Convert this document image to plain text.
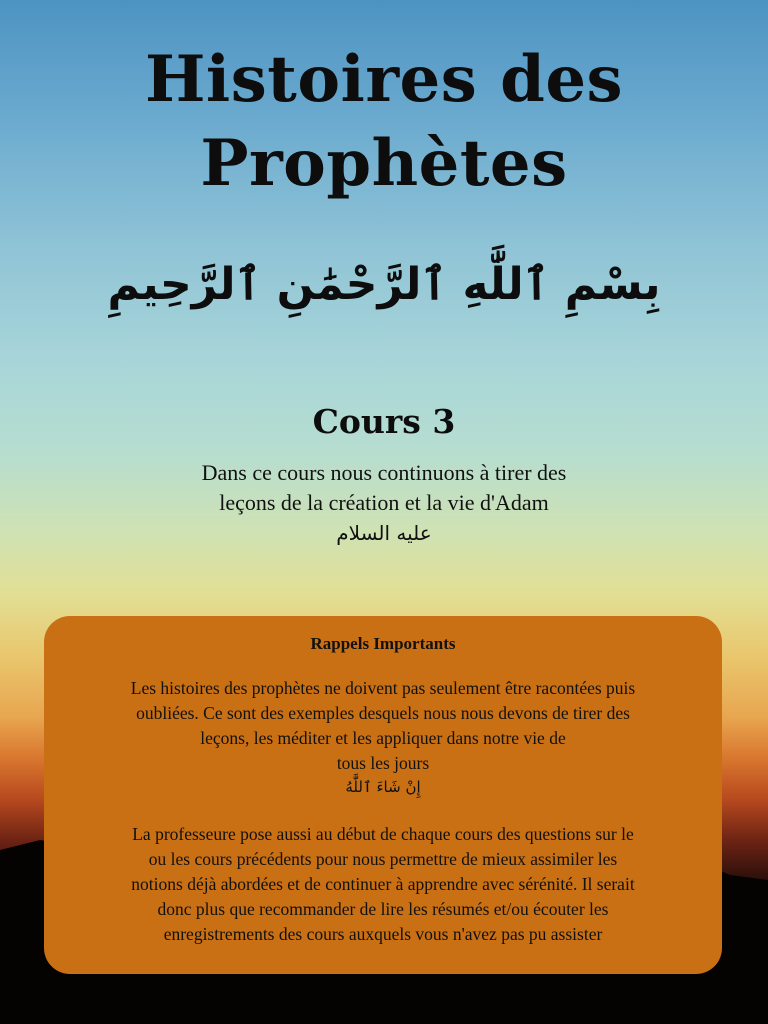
Histoires des
Prophètes
بِسْمِ ٱللَّٰهِ ٱلرَّحْمَٰنِ ٱلرَّحِيمِ
Cours 3
Dans ce cours nous continuons à tirer des
leçons de la création et la vie d'Adam
عليه السلام
Rappels Importants

Les histoires des prophètes ne doivent pas seulement être racontées puis
oubliées. Ce sont des exemples desquels nous nous devons de tirer des
leçons, les méditer et les appliquer dans notre vie de
tous les jours
إِنْ شَاءَ ٱللَّٰهُ

La professeure pose aussi au début de chaque cours des questions sur le
ou les cours précédents pour nous permettre de mieux assimiler les
notions déjà abordées et de continuer à apprendre avec sérénité. Il serait
donc plus que recommander de lire les résumés et/ou écouter les
enregistrements des cours auxquels vous n'avez pas pu assister
